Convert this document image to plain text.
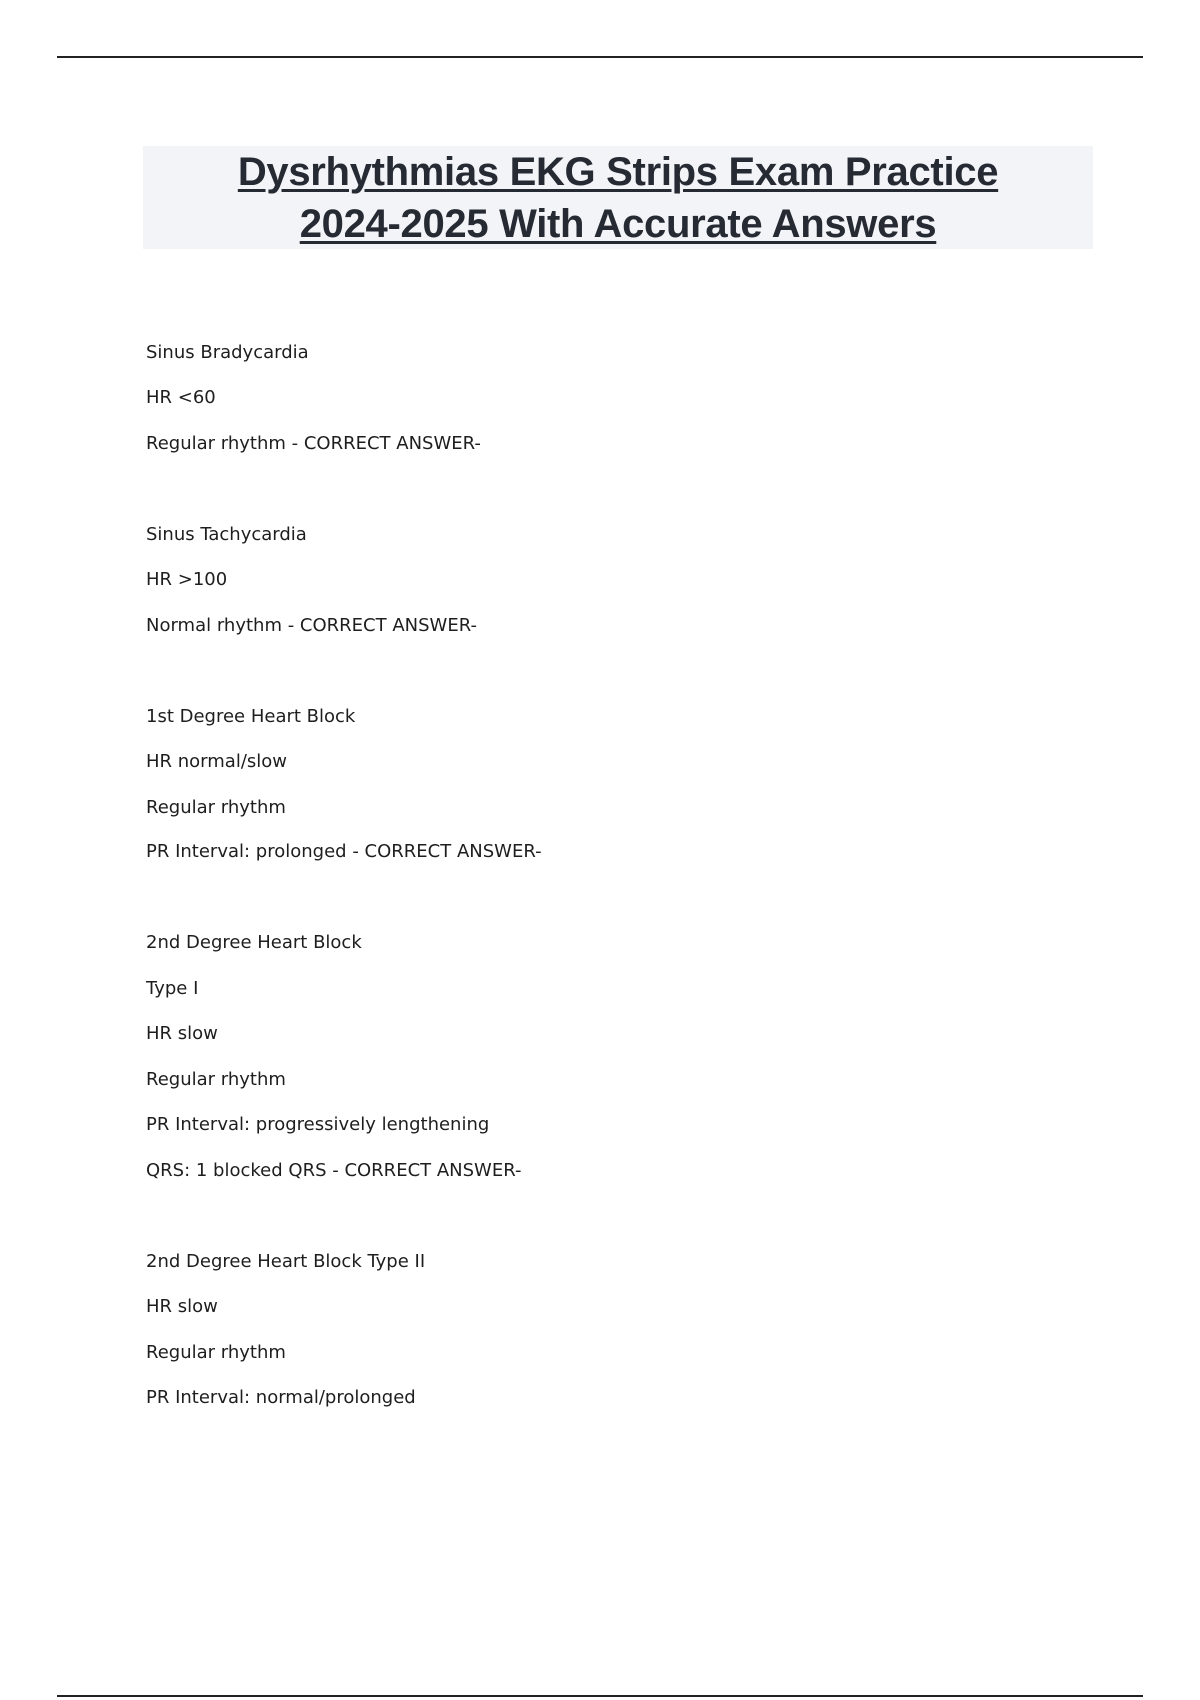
Dysrhythmias EKG Strips Exam Practice
2024-2025 With Accurate Answers
Sinus Bradycardia
HR <60
Regular rhythm - CORRECT ANSWER-
Sinus Tachycardia
HR >100
Normal rhythm - CORRECT ANSWER-
1st Degree Heart Block
HR normal/slow
Regular rhythm
PR Interval: prolonged - CORRECT ANSWER-
2nd Degree Heart Block
Type I
HR slow
Regular rhythm
PR Interval: progressively lengthening
QRS: 1 blocked QRS - CORRECT ANSWER-
2nd Degree Heart Block Type II
HR slow
Regular rhythm
PR Interval: normal/prolonged
